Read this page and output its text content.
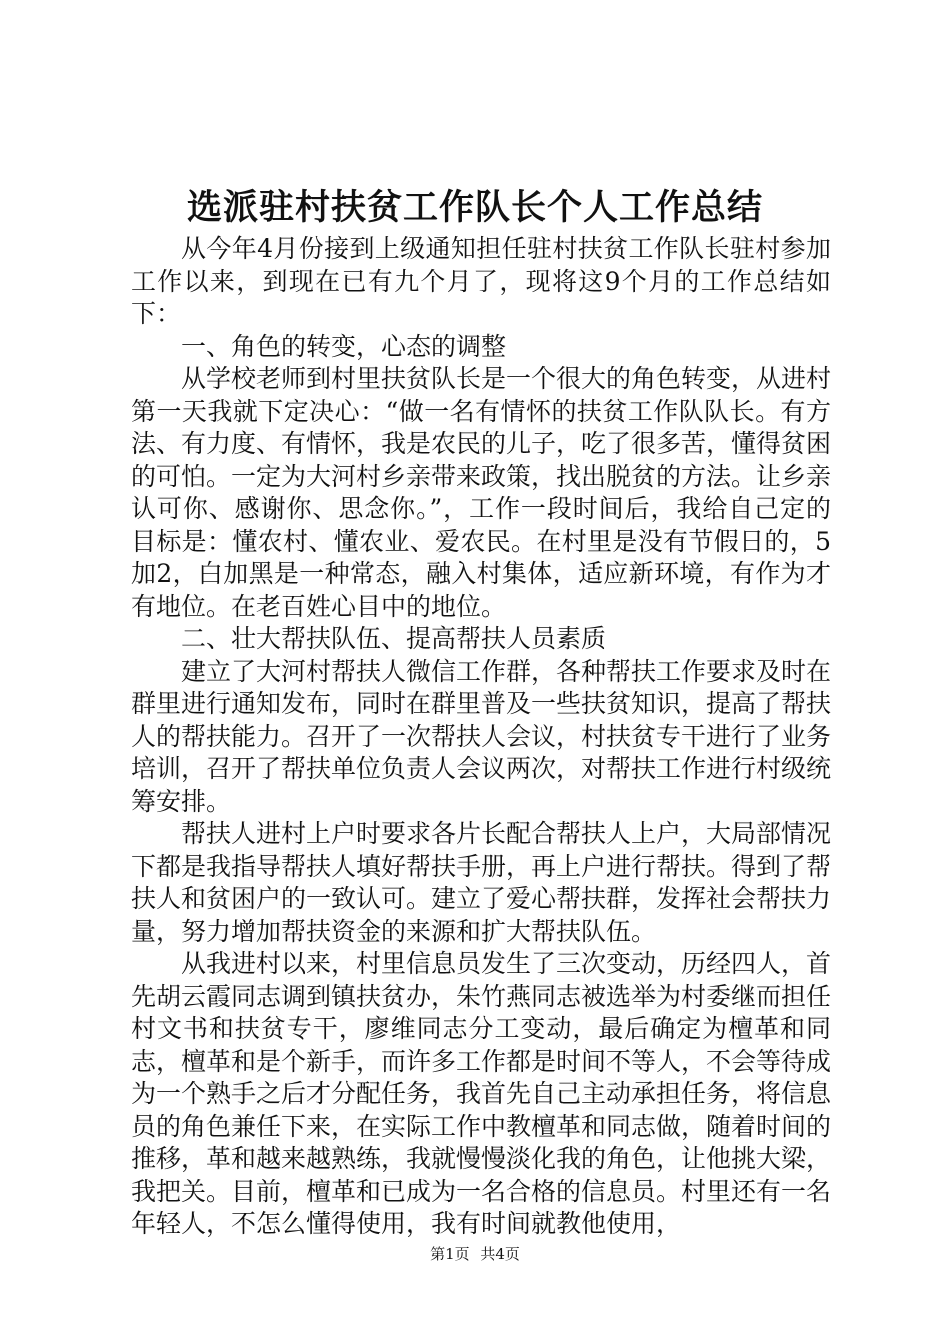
选派驻村扶贫工作队长个人工作总结

从今年4月份接到上级通知担任驻村扶贫工作队长驻村参加工作以来，到现在已有九个月了，现将这9个月的工作总结如下：

一、角色的转变，心态的调整

从学校老师到村里扶贫队长是一个很大的角色转变，从进村第一天我就下定决心：“做一名有情怀的扶贫工作队队长。有方法、有力度、有情怀，我是农民的儿子，吃了很多苦，懂得贫困的可怕。一定为大河村乡亲带来政策，找出脱贫的方法。让乡亲认可你、感谢你、思念你。”，工作一段时间后，我给自己定的目标是：懂农村、懂农业、爱农民。在村里是没有节假日的，5加2，白加黑是一种常态，融入村集体，适应新环境，有作为才有地位。在老百姓心目中的地位。

二、壮大帮扶队伍、提高帮扶人员素质

建立了大河村帮扶人微信工作群，各种帮扶工作要求及时在群里进行通知发布，同时在群里普及一些扶贫知识，提高了帮扶人的帮扶能力。召开了一次帮扶人会议，村扶贫专干进行了业务培训，召开了帮扶单位负责人会议两次，对帮扶工作进行村级统筹安排。

帮扶人进村上户时要求各片长配合帮扶人上户，大局部情况下都是我指导帮扶人填好帮扶手册，再上户进行帮扶。得到了帮扶人和贫困户的一致认可。建立了爱心帮扶群，发挥社会帮扶力量，努力增加帮扶资金的来源和扩大帮扶队伍。

从我进村以来，村里信息员发生了三次变动，历经四人，首先胡云霞同志调到镇扶贫办，朱竹燕同志被选举为村委继而担任村文书和扶贫专干，廖维同志分工变动，最后确定为檀革和同志，檀革和是个新手，而许多工作都是时间不等人，不会等待成为一个熟手之后才分配任务，我首先自己主动承担任务，将信息员的角色兼任下来，在实际工作中教檀革和同志做，随着时间的推移，革和越来越熟练，我就慢慢淡化我的角色，让他挑大梁，我把关。目前，檀革和已成为一名合格的信息员。村里还有一名年轻人，不怎么懂得使用，我有时间就教他使用，

第1页 共4页
